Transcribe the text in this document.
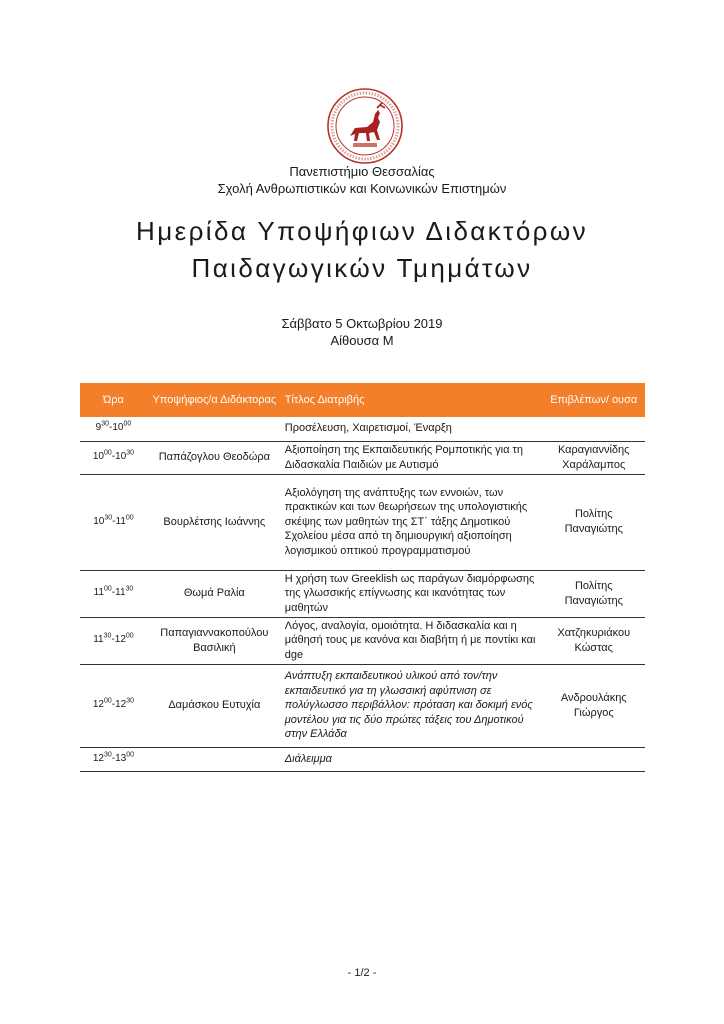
Πανεπιστήμιο Θεσσαλίας
Σχολή Ανθρωπιστικών και Κοινωνικών Επιστημών
Ημερίδα Υποψήφιων Διδακτόρων
Παιδαγωγικών Τμημάτων
Σάββατο 5 Οκτωβρίου 2019
Αίθουσα Μ
Ώρα	Υποψήφιος/α Διδάκτορας	Τίτλος Διατριβής	Επιβλέπων/ ουσα
$9^{30}-10^{00}$		Προσέλευση, Χαιρετισμοί, Έναρξη	
$10^{00}-10^{30}$	Παπάζογλου Θεοδώρα	Αξιοποίηση της Εκπαιδευτικής Ρομποτικής για τη Διδασκαλία Παιδιών με Αυτισμό	Καραγιαννίδης Χαράλαμπος
$10^{30}-11^{00}$	Βουρλέτσης Ιωάννης	Αξιολόγηση της ανάπτυξης των εννοιών, των πρακτικών και των θεωρήσεων της υπολογιστικής σκέψης των μαθητών της ΣΤ΄ τάξης Δημοτικού Σχολείου μέσα από τη δημιουργική αξιοποίηση λογισμικού οπτικού προγραμματισμού	Πολίτης Παναγιώτης
$11^{00}-11^{30}$	Θωμά Ραλία	Η χρήση των Greeklish ως παράγων διαμόρφωσης της γλωσσικής επίγνωσης και ικανότητας των μαθητών	Πολίτης Παναγιώτης
$11^{30}-12^{00}$	Παπαγιαννακοπούλου Βασιλική	Λόγος, αναλογία, ομοιότητα. Η διδασκαλία και η μάθησή τους με κανόνα και διαβήτη ή με ποντίκι και dge	Χατζηκυριάκου Κώστας
$12^{00}-12^{30}$	Δαμάσκου Ευτυχία	Ανάπτυξη εκπαιδευτικού υλικού από τον/την εκπαιδευτικό για τη γλωσσική αφύπνιση σε πολύγλωσσο περιβάλλον: πρόταση και δοκιμή ενός μοντέλου για τις δύο πρώτες τάξεις του Δημοτικού στην Ελλάδα	Ανδρουλάκης Γιώργος
$12^{30}-13^{00}$		Διάλειμμα	
- 1/2 -
